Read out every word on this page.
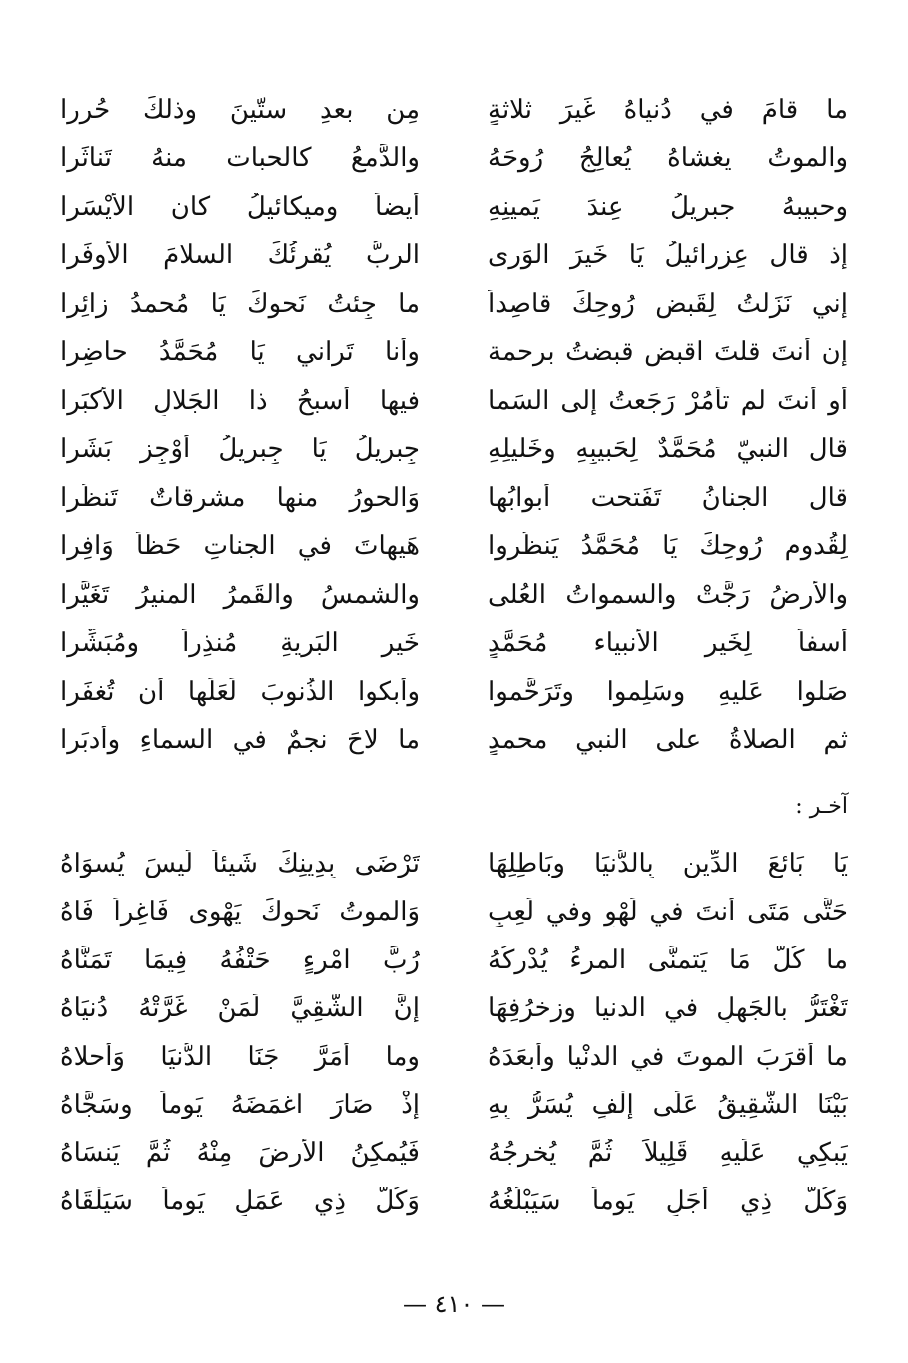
ما قامَ في دُنياهُ غَيرَ ثلاثةٍ
مِن بعدِ ستّينَ وذلكَ حُررا
والموتُ يغشاهُ يُعالِجُ رُوحَهُ
والدَّمعُ كالحبات منهُ تَناثَرا
وحبيبهُ جبريلُ عِندَ يَمينِهِ
أيضاً وميكائيلُ كان الأيْسَرا
إذ قال عِزرائيلُ يَا خَيرَ الوَرى
الربُّ يُقرِئُكَ السلامَ الأوفَرا
إني نَزَلتُ لِقَبضِ رُوحِكَ قاصِداً
ما جِئتُ نَحوكَ يَا مُحمدُ زائِرا
إن أنتَ قلتَ اقبض قبضتُ برحمة
وأنا تَراني يَا مُحَمَّدُ حاضِرا
أو أنتَ لم تأمُرْ رَجَعتُ إلى السَما
فيها أسبحُ ذا الجَلالِ الأكبَرا
قال النبيّ مُحَمَّدٌ لِحَبيبِهِ وخَليلِهِ
جِبريلُ يَا جِبريلُ أوْجِز بَشَرا
قال الجنانُ تَفَتحت أبوابُها
وَالحورُ منها مشرقاتٌ تَنظُرا
لِقُدومِ رُوحِكَ يَا مُحَمَّدُ يَنظُروا
هَيهاتَ في الجناتِ حَظاً وَافِرا
والأرضُ رَجَّتْ والسمواتُ العُلى
والشمسُ والقَمرُ المنيرُ تَغَيَّرا
أسفاً لِخَيرِ الأنبياء مُحَمَّدٍ
خَيرِ البَرِيةِ مُنذِراً ومُبَشِّرا
صَلوا عَليهِ وسَلِموا وتَرَحَّموا
وأبكوا الذُنوبَ لَعَلَها أن تُغفَرا
ثم الصلاةُ على النبيِ محمدٍ
ما لاحَ نجمٌ في السماءِ وأدبَرا
آخـر :
يَا بَائعَ الدِّينِ بِالدُّنيَا وبَاطِلِهَا
تَرْضَى بِدِينِكَ شَيئاً لَيسَ يُسوَاهُ
حَتَّى مَتَى أنتَ في لَهْوٍ وفي لَعِبٍ
وَالموتُ نَحوكَ يَهْوِى فَاغِراً فَاهُ
ما كُلُّ مَا يَتمنَّى المرءُ يُدْرِكُهُ
رُبَّ امْرِءٍ حَتْفُهُ فِيمَا تَمَنَّاهُ
تَغْتَرُّ بالجَهلِ في الدنيا وزخرُفِهَا
إنَّ الشَّقِيَّ لَمَنْ غَرَّتْهُ دُنيَاهُ
ما أقرَبَ الموتَ في الدنْيا وأبعَدَهُ
وما أَمَرَّ جَنَا الدُّنيَا وَأحلاهُ
بَيْنَا الشَّقِيقُ عَلَى إلْفٍ يُسَرُّ بِهِ
إذْ صَارَ اغمَضَهُ يَوماً وسَجَّاهُ
يَبكِي عَلَيهِ قَلِيلاً ثُمَّ يُخرِجُهُ
فَيُمكِنُ الأرضَ مِنْهُ ثُمَّ يَنسَاهُ
وَكُلُّ ذِي أجَلٍ يَوماً سَيَبْلُغُهُ
وَكُلُّ ذِي عَمَلٍ يَوماً سَيَلْقَاهُ
— ٤١٠ —
